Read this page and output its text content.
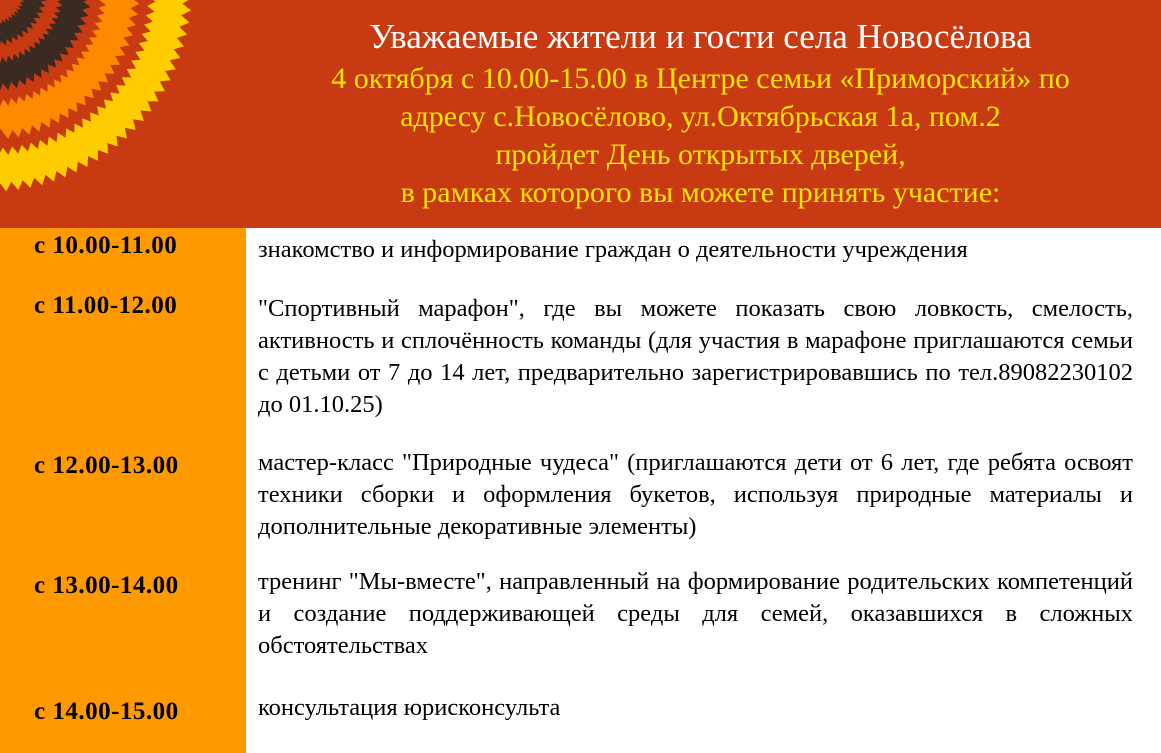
Уважаемые жители и гости села Новосёлова
4 октября с 10.00-15.00 в Центре семьи «Приморский» по
адресу с.Новосёлово, ул.Октябрьская 1а, пом.2
пройдет День открытых дверей,
в рамках которого вы можете принять участие:
с 10.00-11.00	знакомство и информирование граждан о деятельности учреждения
с 11.00-12.00	"Спортивный марафон", где вы можете показать свою ловкость, смелость, активность и сплочённость команды (для участия в марафоне приглашаются семьи с детьми от 7 до 14 лет, предварительно зарегистрировавшись по тел.89082230102 до 01.10.25)
с 12.00-13.00	мастер-класс "Природные чудеса" (приглашаются дети от 6 лет, где ребята освоят техники сборки и оформления букетов, используя природные материалы и дополнительные декоративные элементы)
с 13.00-14.00	тренинг "Мы-вместе", направленный на формирование родительских компетенций и создание поддерживающей среды для семей, оказавшихся в сложных обстоятельствах
с 14.00-15.00	консультация юрисконсульта
